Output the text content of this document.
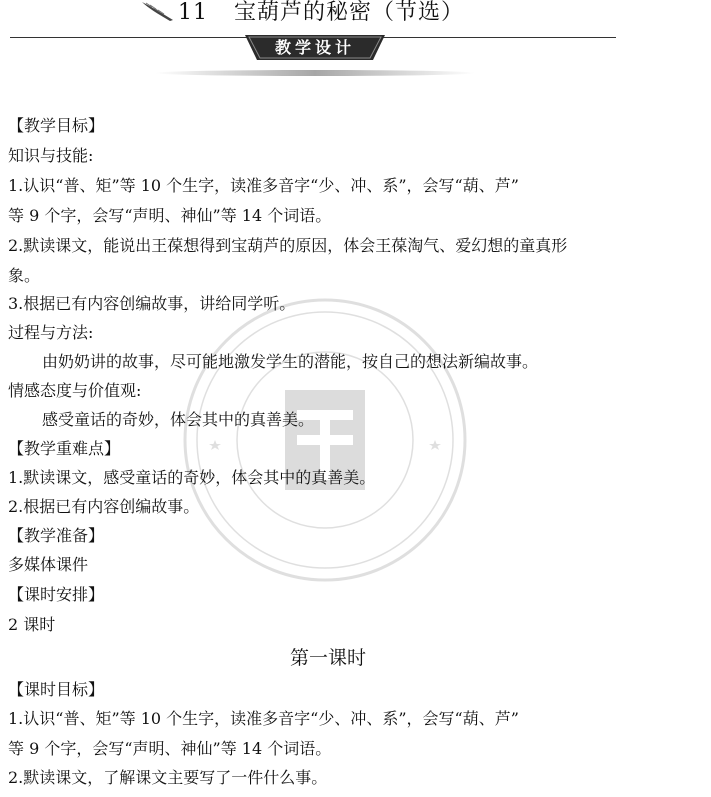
11 宝葫芦的秘密（节选）
教学设计
【教学目标】
知识与技能:
1.认识“普、矩”等 10 个生字，读准多音字“少、冲、系”，会写“葫、芦”
等 9 个字，会写“声明、神仙”等 14 个词语。
2.默读课文，能说出王葆想得到宝葫芦的原因，体会王葆淘气、爱幻想的童真形
象。
3.根据已有内容创编故事，讲给同学听。
过程与方法:
由奶奶讲的故事，尽可能地激发学生的潜能，按自己的想法新编故事。
情感态度与价值观:
感受童话的奇妙，体会其中的真善美。
【教学重难点】
1.默读课文，感受童话的奇妙，体会其中的真善美。
2.根据已有内容创编故事。
【教学准备】
多媒体课件
【课时安排】
2 课时
第一课时
【课时目标】
1.认识“普、矩”等 10 个生字，读准多音字“少、冲、系”，会写“葫、芦”
等 9 个字，会写“声明、神仙”等 14 个词语。
2.默读课文，了解课文主要写了一件什么事。
